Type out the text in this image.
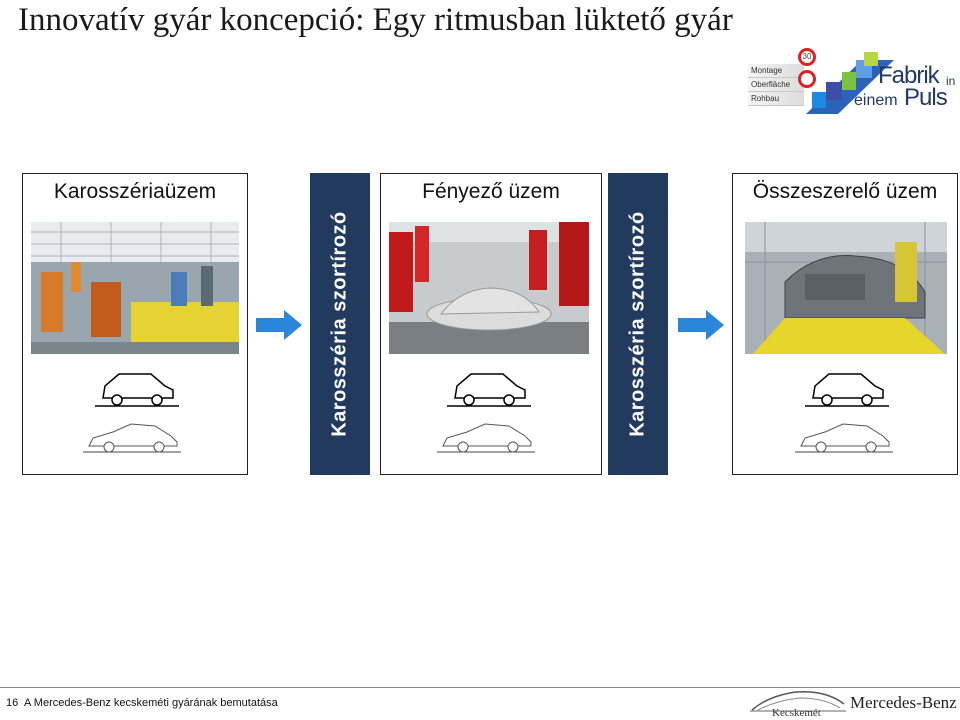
Innovatív gyár koncepció: Egy ritmusban lüktető gyár
Montage
Oberfläche
Rohbau
30
Fabrik in
einem Puls
Karosszériaüzem
Karosszéria szortírozó
Fényező üzem
Karosszéria szortírozó
Összeszerelő üzem
16 A Mercedes-Benz kecskeméti gyárának bemutatása
Kecskemét
Mercedes-Benz
